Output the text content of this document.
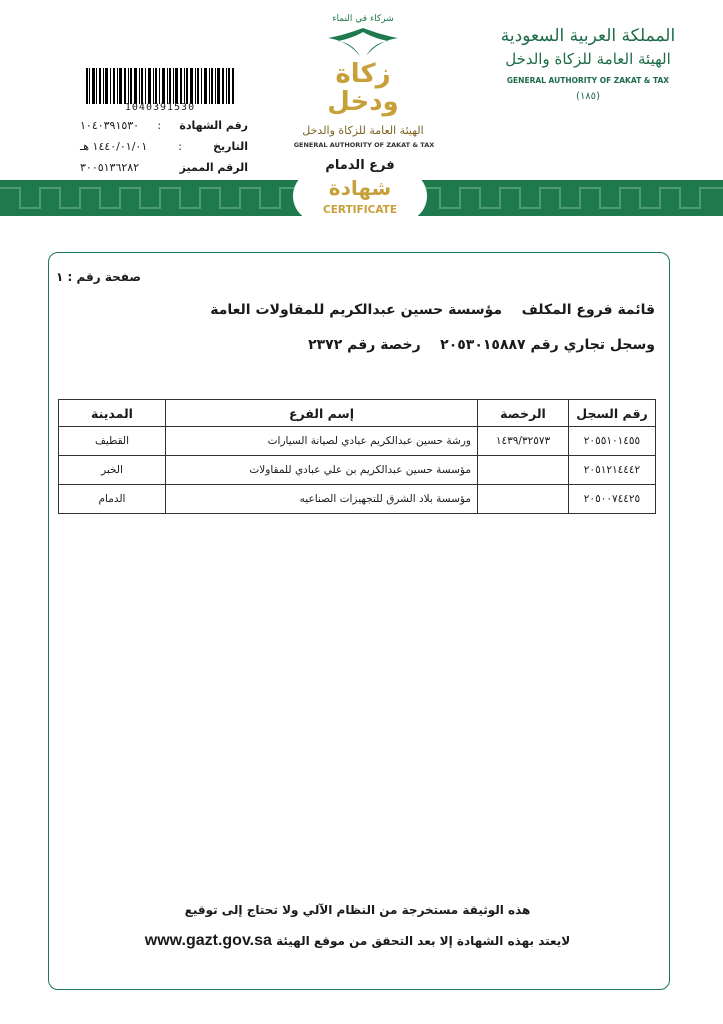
1040391530
رقم الشهادة
:
١٠٤٠٣٩١٥٣٠
التاريخ
:
١٤٤٠/٠١/٠١ هـ
الرقم المميز
٣٠٠٥١٣٦٢٨٢
شركاء في النماء
زكاة ودخل
الهيئة العامة للزكاة والدخل
GENERAL AUTHORITY OF ZAKAT & TAX
المملكة العربية السعودية
الهيئة العامة للزكاة والدخل
GENERAL AUTHORITY OF ZAKAT & TAX
(١٨٥)
فرع الدمام
شهادة
CERTIFICATE
صفحة رقم : ١
قائمة فروع المكلف    مؤسسة حسين عبدالكريم للمقاولات العامة
وسجل تجاري رقم ٢٠٥٣٠١٥٨٨٧    رخصة رقم ٢٣٧٢
رقم السجل	الرخصة	إسم الفرع	المدينة
٢٠٥٥١٠١٤٥٥	١٤٣٩/٣٢٥٧٣	ورشة حسين عبدالكريم عبادي لصيانة السيارات	القطيف
٢٠٥١٢١٤٤٤٢		مؤسسة حسين عبدالكريم بن علي عبادي للمقاولات	الخبر
٢٠٥٠٠٧٤٤٢٥		مؤسسة بلاد الشرق للتجهيزات الصناعيه	الدمام
هذه الوثيقة مستخرجة من النظام الآلي ولا تحتاج إلى توقيع
لايعتد بهذه الشهادة إلا بعد التحقق من موقع الهيئة www.gazt.gov.sa
